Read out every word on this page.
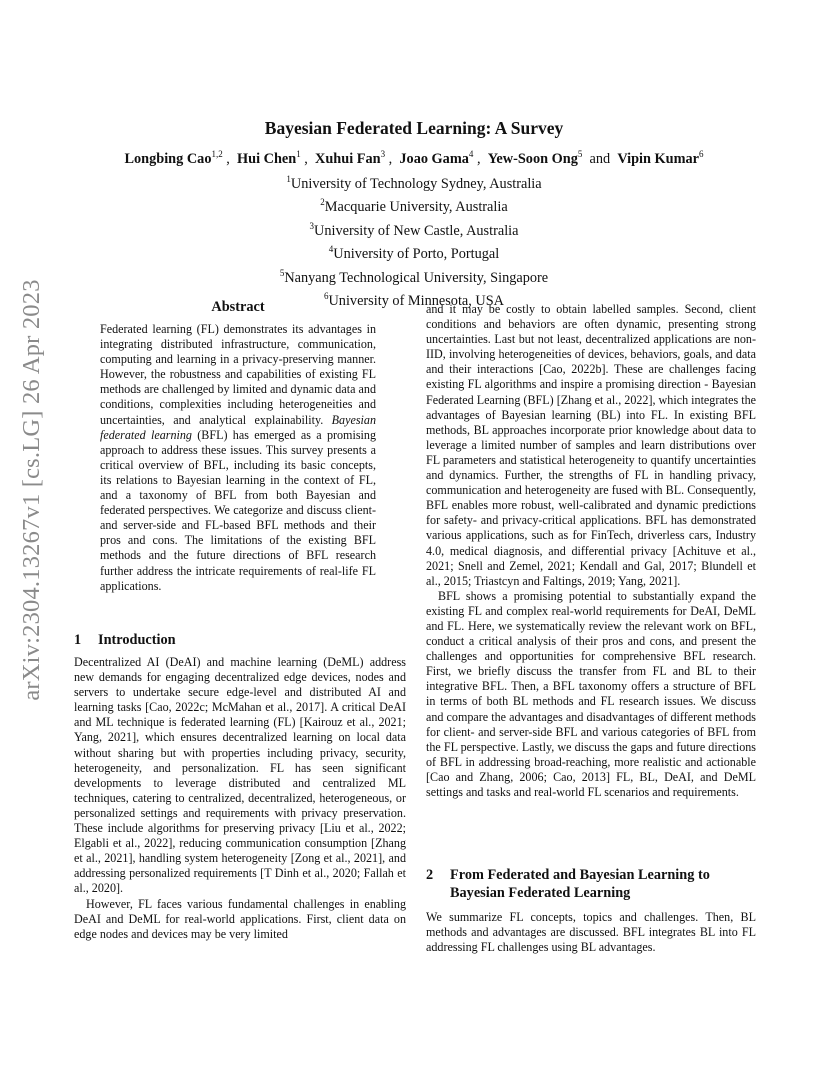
arXiv:2304.13267v1 [cs.LG] 26 Apr 2023
Bayesian Federated Learning: A Survey
Longbing Cao$^{1,2}$ ,  Hui Chen$^1$ ,  Xuhui Fan$^3$ ,  Joao Gama$^4$ ,  Yew-Soon Ong$^5$  and  Vipin Kumar$^6$
$^1$University of Technology Sydney, Australia
$^2$Macquarie University, Australia
$^3$University of New Castle, Australia
$^4$University of Porto, Portugal
$^5$Nanyang Technological University, Singapore
$^6$University of Minnesota, USA
Abstract
Federated learning (FL) demonstrates its advantages in integrating distributed infrastructure, communication, computing and learning in a privacy-preserving manner. However, the robustness and capabilities of existing FL methods are challenged by limited and dynamic data and conditions, complexities including heterogeneities and uncertainties, and analytical explainability. Bayesian federated learning (BFL) has emerged as a promising approach to address these issues. This survey presents a critical overview of BFL, including its basic concepts, its relations to Bayesian learning in the context of FL, and a taxonomy of BFL from both Bayesian and federated perspectives. We categorize and discuss client- and server-side and FL-based BFL methods and their pros and cons. The limitations of the existing BFL methods and the future directions of BFL research further address the intricate requirements of real-life FL applications.
1	Introduction

Decentralized AI (DeAI) and machine learning (DeML) address new demands for engaging decentralized edge devices, nodes and servers to undertake secure edge-level and distributed AI and learning tasks [Cao, 2022c; McMahan et al., 2017]. A critical DeAI and ML technique is federated learning (FL) [Kairouz et al., 2021; Yang, 2021], which ensures decentralized learning on local data without sharing but with properties including privacy, security, heterogeneity, and personalization. FL has seen significant developments to leverage distributed and centralized ML techniques, catering to centralized, decentralized, heterogeneous, or personalized settings and requirements with privacy preservation. These include algorithms for preserving privacy [Liu et al., 2022; Elgabli et al., 2022], reducing communication consumption [Zhang et al., 2021], handling system heterogeneity [Zong et al., 2021], and addressing personalized requirements [T Dinh et al., 2020; Fallah et al., 2020].

However, FL faces various fundamental challenges in enabling DeAI and DeML for real-world applications. First, client data on edge nodes and devices may be very limited

and it may be costly to obtain labelled samples. Second, client conditions and behaviors are often dynamic, presenting strong uncertainties. Last but not least, decentralized applications are non-IID, involving heterogeneities of devices, behaviors, goals, and data and their interactions [Cao, 2022b]. These are challenges facing existing FL algorithms and inspire a promising direction - Bayesian Federated Learning (BFL) [Zhang et al., 2022], which integrates the advantages of Bayesian learning (BL) into FL. In existing BFL methods, BL approaches incorporate prior knowledge about data to leverage a limited number of samples and learn distributions over FL parameters and statistical heterogeneity to quantify uncertainties and dynamics. Further, the strengths of FL in handling privacy, communication and heterogeneity are fused with BL. Consequently, BFL enables more robust, well-calibrated and dynamic predictions for safety- and privacy-critical applications. BFL has demonstrated various applications, such as for FinTech, driverless cars, Industry 4.0, medical diagnosis, and differential privacy [Achituve et al., 2021; Snell and Zemel, 2021; Kendall and Gal, 2017; Blundell et al., 2015; Triastcyn and Faltings, 2019; Yang, 2021].

BFL shows a promising potential to substantially expand the existing FL and complex real-world requirements for DeAI, DeML and FL. Here, we systematically review the relevant work on BFL, conduct a critical analysis of their pros and cons, and present the challenges and opportunities for comprehensive BFL research. First, we briefly discuss the transfer from FL and BL to their integrative BFL. Then, a BFL taxonomy offers a structure of BFL in terms of both BL methods and FL research issues. We discuss and compare the advantages and disadvantages of different methods for client- and server-side BFL and various categories of BFL from the FL perspective. Lastly, we discuss the gaps and future directions of BFL in addressing broad-reaching, more realistic and actionable [Cao and Zhang, 2006; Cao, 2013] FL, BL, DeAI, and DeML settings and tasks and real-world FL scenarios and requirements.

2	From Federated and Bayesian Learning to
Bayesian Federated Learning

We summarize FL concepts, topics and challenges. Then, BL methods and advantages are discussed. BFL integrates BL into FL addressing FL challenges using BL advantages.
